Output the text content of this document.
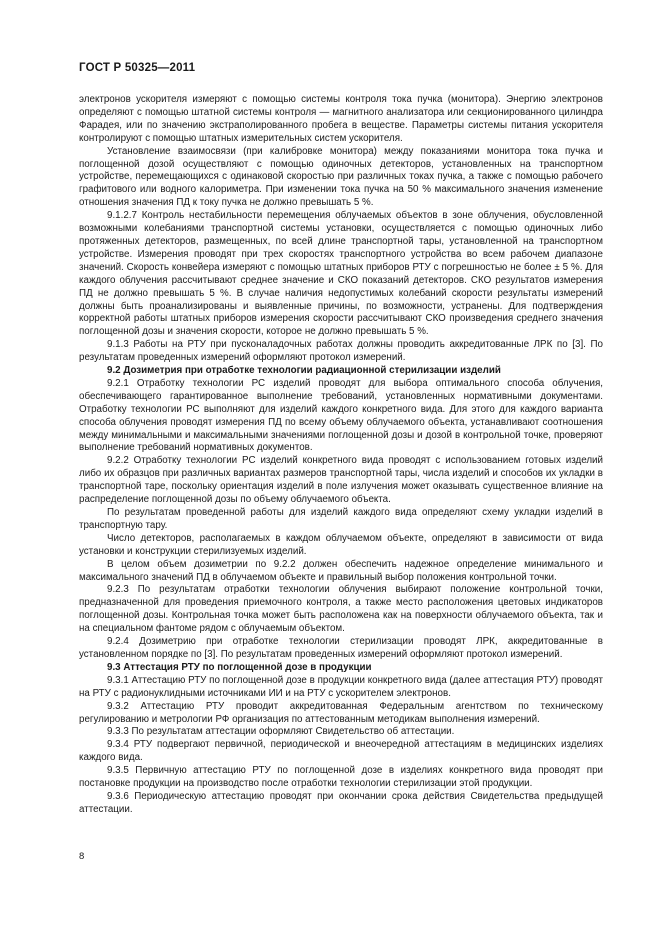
ГОСТ Р 50325—2011

электронов ускорителя измеряют с помощью системы контроля тока пучка (монитора). Энергию электронов определяют с помощью штатной системы контроля — магнитного анализатора или секционированного цилиндра Фарадея, или по значению экстраполированного пробега в веществе. Параметры системы питания ускорителя контролируют с помощью штатных измерительных систем ускорителя.

Установление взаимосвязи (при калибровке монитора) между показаниями монитора тока пучка и поглощенной дозой осуществляют с помощью одиночных детекторов, установленных на транспортном устройстве, перемещающихся с одинаковой скоростью при различных токах пучка, а также с помощью рабочего графитового или водного калориметра. При изменении тока пучка на 50 % максимального значения изменение отношения значения ПД к току пучка не должно превышать 5 %.

9.1.2.7 Контроль нестабильности перемещения облучаемых объектов в зоне облучения, обусловленной возможными колебаниями транспортной системы установки, осуществляется с помощью одиночных либо протяженных детекторов, размещенных, по всей длине транспортной тары, установленной на транспортном устройстве. Измерения проводят при трех скоростях транспортного устройства во всем рабочем диапазоне значений. Скорость конвейера измеряют с помощью штатных приборов РТУ с погрешностью не более ± 5 %. Для каждого облучения рассчитывают среднее значение и СКО показаний детекторов. СКО результатов измерения ПД не должно превышать 5 %. В случае наличия недопустимых колебаний скорости результаты измерений должны быть проанализированы и выявленные причины, по возможности, устранены. Для подтверждения корректной работы штатных приборов измерения скорости рассчитывают СКО произведения среднего значения поглощенной дозы и значения скорости, которое не должно превышать 5 %.

9.1.3 Работы на РТУ при пусконаладочных работах должны проводить аккредитованные ЛРК по [3]. По результатам проведенных измерений оформляют протокол измерений.

9.2 Дозиметрия при отработке технологии радиационной стерилизации изделий

9.2.1 Отработку технологии РС изделий проводят для выбора оптимального способа облучения, обеспечивающего гарантированное выполнение требований, установленных нормативными документами. Отработку технологии РС выполняют для изделий каждого конкретного вида. Для этого для каждого варианта способа облучения проводят измерения ПД по всему объему облучаемого объекта, устанавливают соотношения между минимальными и максимальными значениями поглощенной дозы и дозой в контрольной точке, проверяют выполнение требований нормативных документов.

9.2.2 Отработку технологии РС изделий конкретного вида проводят с использованием готовых изделий либо их образцов при различных вариантах размеров транспортной тары, числа изделий и способов их укладки в транспортной таре, поскольку ориентация изделий в поле излучения может оказывать существенное влияние на распределение поглощенной дозы по объему облучаемого объекта.

По результатам проведенной работы для изделий каждого вида определяют схему укладки изделий в транспортную тару.

Число детекторов, располагаемых в каждом облучаемом объекте, определяют в зависимости от вида установки и конструкции стерилизуемых изделий.

В целом объем дозиметрии по 9.2.2 должен обеспечить надежное определение минимального и максимального значений ПД в облучаемом объекте и правильный выбор положения контрольной точки.

9.2.3 По результатам отработки технологии облучения выбирают положение контрольной точки, предназначенной для проведения приемочного контроля, а также место расположения цветовых индикаторов поглощенной дозы. Контрольная точка может быть расположена как на поверхности облучаемого объекта, так и на специальном фантоме рядом с облучаемым объектом.

9.2.4 Дозиметрию при отработке технологии стерилизации проводят ЛРК, аккредитованные в установленном порядке по [3]. По результатам проведенных измерений оформляют протокол измерений.

9.3 Аттестация РТУ по поглощенной дозе в продукции

9.3.1 Аттестацию РТУ по поглощенной дозе в продукции конкретного вида (далее аттестация РТУ) проводят на РТУ с радионуклидными источниками ИИ и на РТУ с ускорителем электронов.

9.3.2 Аттестацию РТУ проводит аккредитованная Федеральным агентством по техническому регулированию и метрологии РФ организация по аттестованным методикам выполнения измерений.

9.3.3 По результатам аттестации оформляют Свидетельство об аттестации.

9.3.4 РТУ подвергают первичной, периодической и внеочередной аттестациям в медицинских изделиях каждого вида.

9.3.5 Первичную аттестацию РТУ по поглощенной дозе в изделиях конкретного вида проводят при постановке продукции на производство после отработки технологии стерилизации этой продукции.

9.3.6 Периодическую аттестацию проводят при окончании срока действия Свидетельства предыдущей аттестации.

8
